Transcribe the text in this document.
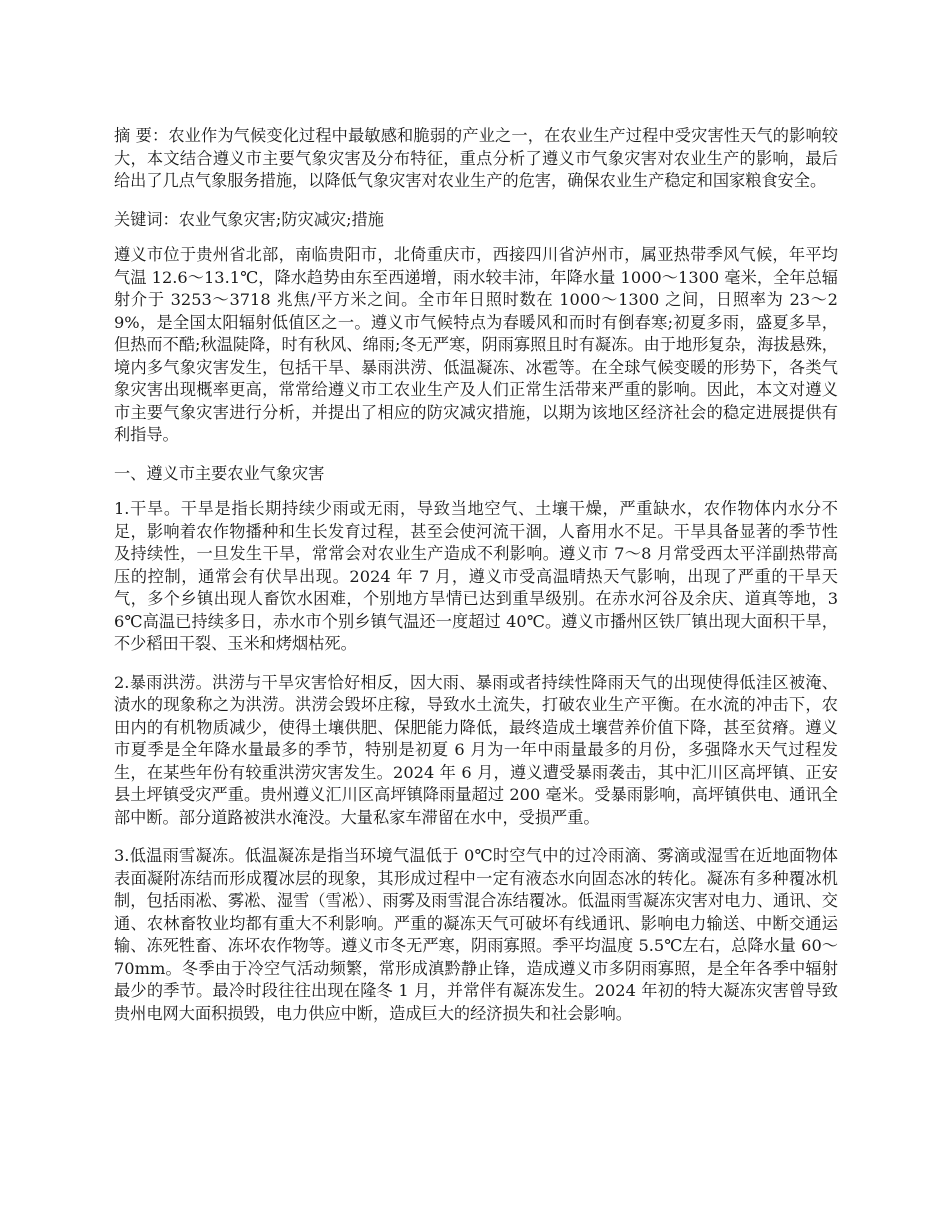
摘 要：农业作为气候变化过程中最敏感和脆弱的产业之一，在农业生产过程中受灾害性天气的影响较大，本文结合遵义市主要气象灾害及分布特征，重点分析了遵义市气象灾害对农业生产的影响，最后给出了几点气象服务措施，以降低气象灾害对农业生产的危害，确保农业生产稳定和国家粮食安全。

关键词：农业气象灾害;防灾减灾;措施

遵义市位于贵州省北部，南临贵阳市，北倚重庆市，西接四川省泸州市，属亚热带季风气候，年平均气温 12.6～13.1℃，降水趋势由东至西递增，雨水较丰沛，年降水量 1000～1300 毫米，全年总辐射介于 3253～3718 兆焦/平方米之间。全市年日照时数在 1000～1300 之间，日照率为 23～29%，是全国太阳辐射低值区之一。遵义市气候特点为春暖风和而时有倒春寒;初夏多雨，盛夏多旱，但热而不酷;秋温陡降，时有秋风、绵雨;冬无严寒，阴雨寡照且时有凝冻。由于地形复杂，海拔悬殊，境内多气象灾害发生，包括干旱、暴雨洪涝、低温凝冻、冰雹等。在全球气候变暖的形势下，各类气象灾害出现概率更高，常常给遵义市工农业生产及人们正常生活带来严重的影响。因此，本文对遵义市主要气象灾害进行分析，并提出了相应的防灾减灾措施，以期为该地区经济社会的稳定进展提供有利指导。

一、遵义市主要农业气象灾害

1.干旱。干旱是指长期持续少雨或无雨，导致当地空气、土壤干燥，严重缺水，农作物体内水分不足，影响着农作物播种和生长发育过程，甚至会使河流干涸，人畜用水不足。干旱具备显著的季节性及持续性，一旦发生干旱，常常会对农业生产造成不利影响。遵义市 7～8 月常受西太平洋副热带高压的控制，通常会有伏旱出现。2024 年 7 月，遵义市受高温晴热天气影响，出现了严重的干旱天气，多个乡镇出现人畜饮水困难，个别地方旱情已达到重旱级别。在赤水河谷及余庆、道真等地，36℃高温已持续多日，赤水市个别乡镇气温还一度超过 40℃。遵义市播州区铁厂镇出现大面积干旱，不少稻田干裂、玉米和烤烟枯死。

2.暴雨洪涝。洪涝与干旱灾害恰好相反，因大雨、暴雨或者持续性降雨天气的出现使得低洼区被淹、渍水的现象称之为洪涝。洪涝会毁坏庄稼，导致水土流失，打破农业生产平衡。在水流的冲击下，农田内的有机物质减少，使得土壤供肥、保肥能力降低，最终造成土壤营养价值下降，甚至贫瘠。遵义市夏季是全年降水量最多的季节，特别是初夏 6 月为一年中雨量最多的月份，多强降水天气过程发生，在某些年份有较重洪涝灾害发生。2024 年 6 月，遵义遭受暴雨袭击，其中汇川区高坪镇、正安县土坪镇受灾严重。贵州遵义汇川区高坪镇降雨量超过 200 毫米。受暴雨影响，高坪镇供电、通讯全部中断。部分道路被洪水淹没。大量私家车滞留在水中，受损严重。

3.低温雨雪凝冻。低温凝冻是指当环境气温低于 0℃时空气中的过冷雨滴、雾滴或湿雪在近地面物体表面凝附冻结而形成覆冰层的现象，其形成过程中一定有液态水向固态冰的转化。凝冻有多种覆冰机制，包括雨凇、雾凇、湿雪（雪凇）、雨雾及雨雪混合冻结覆冰。低温雨雪凝冻灾害对电力、通讯、交通、农林畜牧业均都有重大不利影响。严重的凝冻天气可破坏有线通讯、影响电力输送、中断交通运输、冻死牲畜、冻坏农作物等。遵义市冬无严寒，阴雨寡照。季平均温度 5.5℃左右，总降水量 60～70mm。冬季由于冷空气活动频繁，常形成滇黔静止锋，造成遵义市多阴雨寡照，是全年各季中辐射最少的季节。最冷时段往往出现在隆冬 1 月，并常伴有凝冻发生。2024 年初的特大凝冻灾害曾导致贵州电网大面积损毁，电力供应中断，造成巨大的经济损失和社会影响。
